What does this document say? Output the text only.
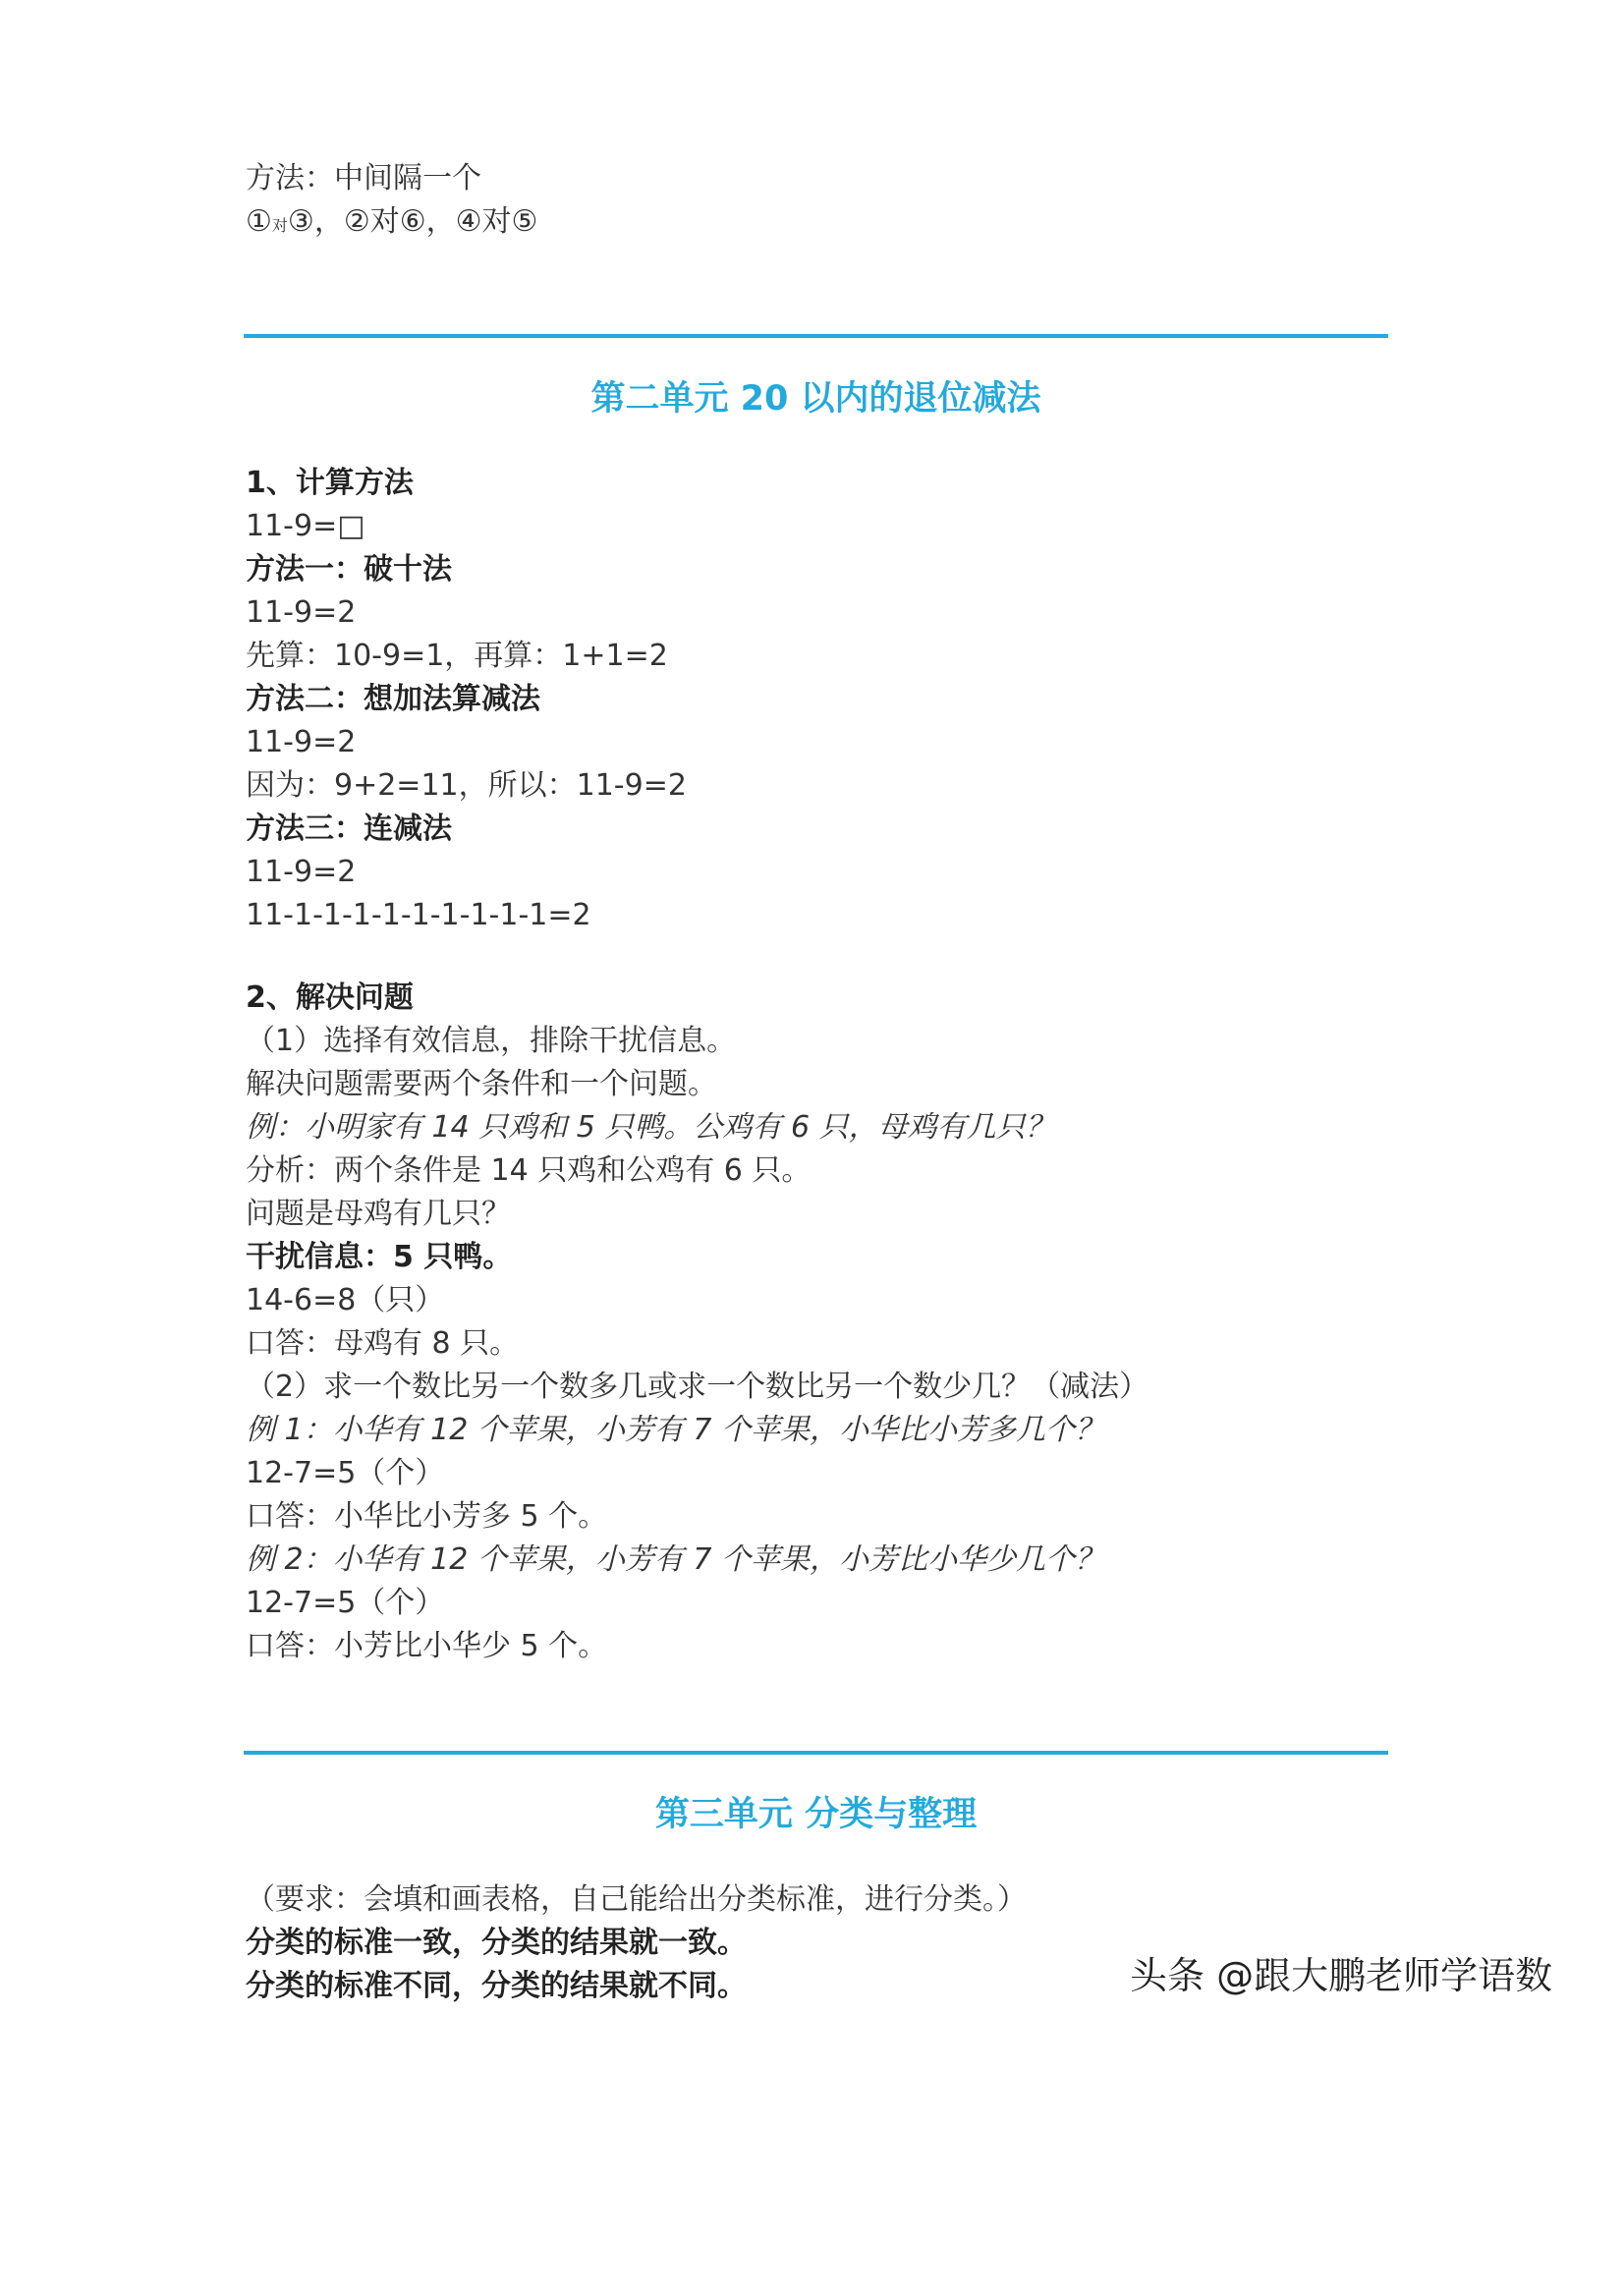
方法：中间隔一个
①对③，②对⑥，④对⑤
第二单元 20 以内的退位减法
1、计算方法
11-9=□
方法一：破十法
11-9=2
先算：10-9=1，再算：1+1=2
方法二：想加法算减法
11-9=2
因为：9+2=11，所以：11-9=2
方法三：连减法
11-9=2
11-1-1-1-1-1-1-1-1-1=2
2、解决问题
（1）选择有效信息，排除干扰信息。
解决问题需要两个条件和一个问题。
例：小明家有 14 只鸡和 5 只鸭。公鸡有 6 只，母鸡有几只？
分析：两个条件是 14 只鸡和公鸡有 6 只。
问题是母鸡有几只？
干扰信息：5 只鸭。
14-6=8（只）
口答：母鸡有 8 只。
（2）求一个数比另一个数多几或求一个数比另一个数少几？（减法）
例 1：小华有 12 个苹果，小芳有 7 个苹果，小华比小芳多几个？
12-7=5（个）
口答：小华比小芳多 5 个。
例 2：小华有 12 个苹果，小芳有 7 个苹果，小芳比小华少几个？
12-7=5（个）
口答：小芳比小华少 5 个。
第三单元 分类与整理
（要求：会填和画表格，自己能给出分类标准，进行分类。）
分类的标准一致，分类的结果就一致。
分类的标准不同，分类的结果就不同。	头条 @跟大鹏老师学语数
